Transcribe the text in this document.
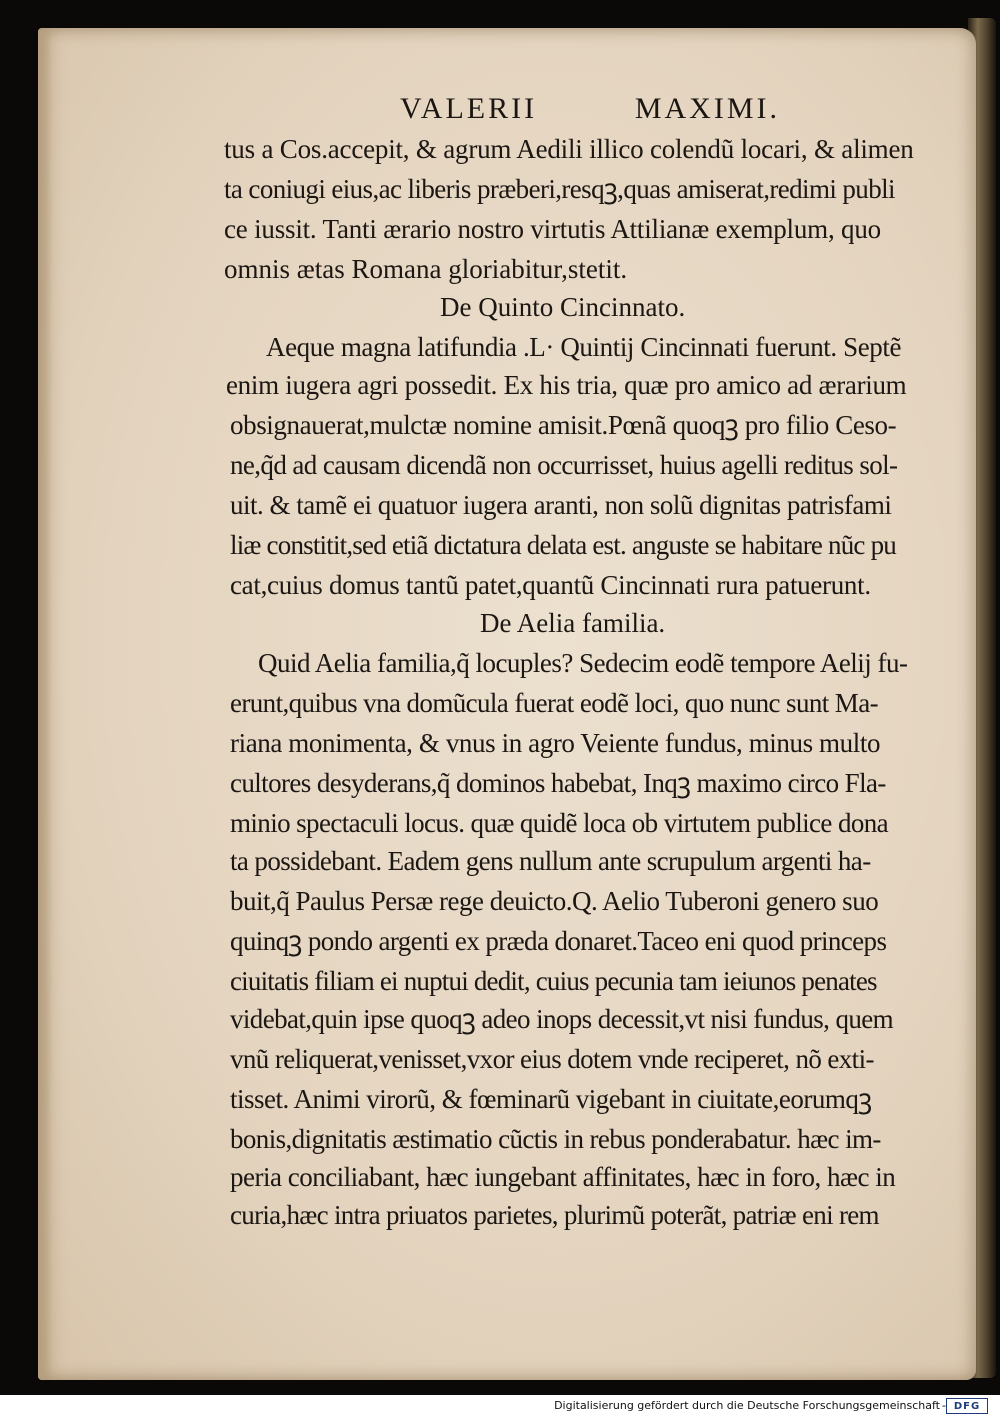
VALERII	MAXIMI.
tus a Cos.accepit, & agrum Aedili illico colendũ locari, & alimen
ta coniugi eius,ac liberis præberi,resqꝫ,quas amiserat,redimi publi
ce iussit. Tanti ærario nostro virtutis Attilianæ exemplum, quo
omnis ætas Romana gloriabitur,stetit.
De Quinto Cincinnato.
Aeque magna latifundia .L· Quintij Cincinnati fuerunt. Septẽ
enim iugera agri possedit. Ex his tria, quæ pro amico ad ærarium
obsignauerat,mulctæ nomine amisit.Pœnã quoqꝫ pro filio Ceso-
ne,q̃d ad causam dicendã non occurrisset, huius agelli reditus sol-
uit. & tamẽ ei quatuor iugera aranti, non solũ dignitas patrisfami
liæ constitit,sed etiã dictatura delata est. anguste se habitare nũc pu
cat,cuius domus tantũ patet,quantũ Cincinnati rura patuerunt.
De Aelia familia.
Quid Aelia familia,q̃ locuples? Sedecim eodẽ tempore Aelij fu-
erunt,quibus vna domũcula fuerat eodẽ loci, quo nunc sunt Ma-
riana monimenta, & vnus in agro Veiente fundus, minus multo
cultores desyderans,q̃ dominos habebat, Inqꝫ maximo circo Fla-
minio spectaculi locus. quæ quidẽ loca ob virtutem publice dona
ta possidebant. Eadem gens nullum ante scrupulum argenti ha-
buit,q̃ Paulus Persæ rege deuicto.Q. Aelio Tuberoni genero suo
quinqꝫ pondo argenti ex præda donaret.Taceo eni quod princeps
ciuitatis filiam ei nuptui dedit, cuius pecunia tam ieiunos penates
videbat,quin ipse quoqꝫ adeo inops decessit,vt nisi fundus, quem
vnũ reliquerat,venisset,vxor eius dotem vnde reciperet, nõ exti-
tisset. Animi virorũ, & fœminarũ vigebant in ciuitate,eorumqꝫ
bonis,dignitatis æstimatio cũctis in rebus ponderabatur. hæc im-
peria conciliabant, hæc iungebant affinitates, hæc in foro, hæc in
curia,hæc intra priuatos parietes, plurimũ poterãt, patriæ eni rem
Digitalisierung gefördert durch die Deutsche Forschungsgemeinschaft - DFG
